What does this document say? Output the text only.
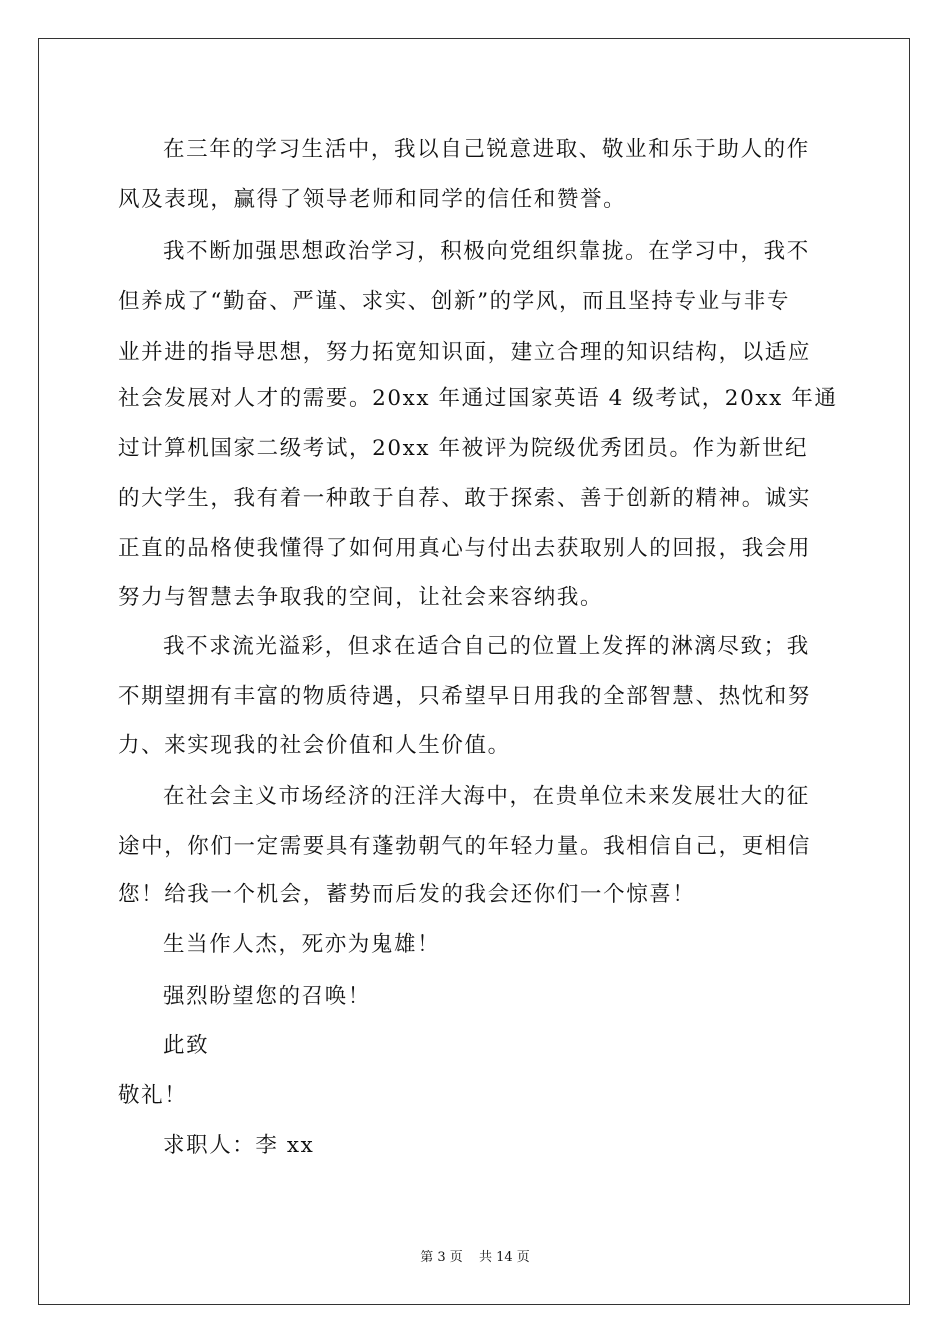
在三年的学习生活中，我以自己锐意进取、敬业和乐于助人的作
风及表现，赢得了领导老师和同学的信任和赞誉。
我不断加强思想政治学习，积极向党组织靠拢。在学习中，我不
但养成了“勤奋、严谨、求实、创新”的学风，而且坚持专业与非专
业并进的指导思想，努力拓宽知识面，建立合理的知识结构，以适应
社会发展对人才的需要。20xx 年通过国家英语 4 级考试，20xx 年通
过计算机国家二级考试，20xx 年被评为院级优秀团员。作为新世纪
的大学生，我有着一种敢于自荐、敢于探索、善于创新的精神。诚实
正直的品格使我懂得了如何用真心与付出去获取别人的回报，我会用
努力与智慧去争取我的空间，让社会来容纳我。
我不求流光溢彩，但求在适合自己的位置上发挥的淋漓尽致；我
不期望拥有丰富的物质待遇，只希望早日用我的全部智慧、热忱和努
力、来实现我的社会价值和人生价值。
在社会主义市场经济的汪洋大海中，在贵单位未来发展壮大的征
途中，你们一定需要具有蓬勃朝气的年轻力量。我相信自己，更相信
您！给我一个机会，蓄势而后发的我会还你们一个惊喜！
生当作人杰，死亦为鬼雄！
强烈盼望您的召唤！
此致
敬礼！
求职人：李 xx
第 3 页 共 14 页
